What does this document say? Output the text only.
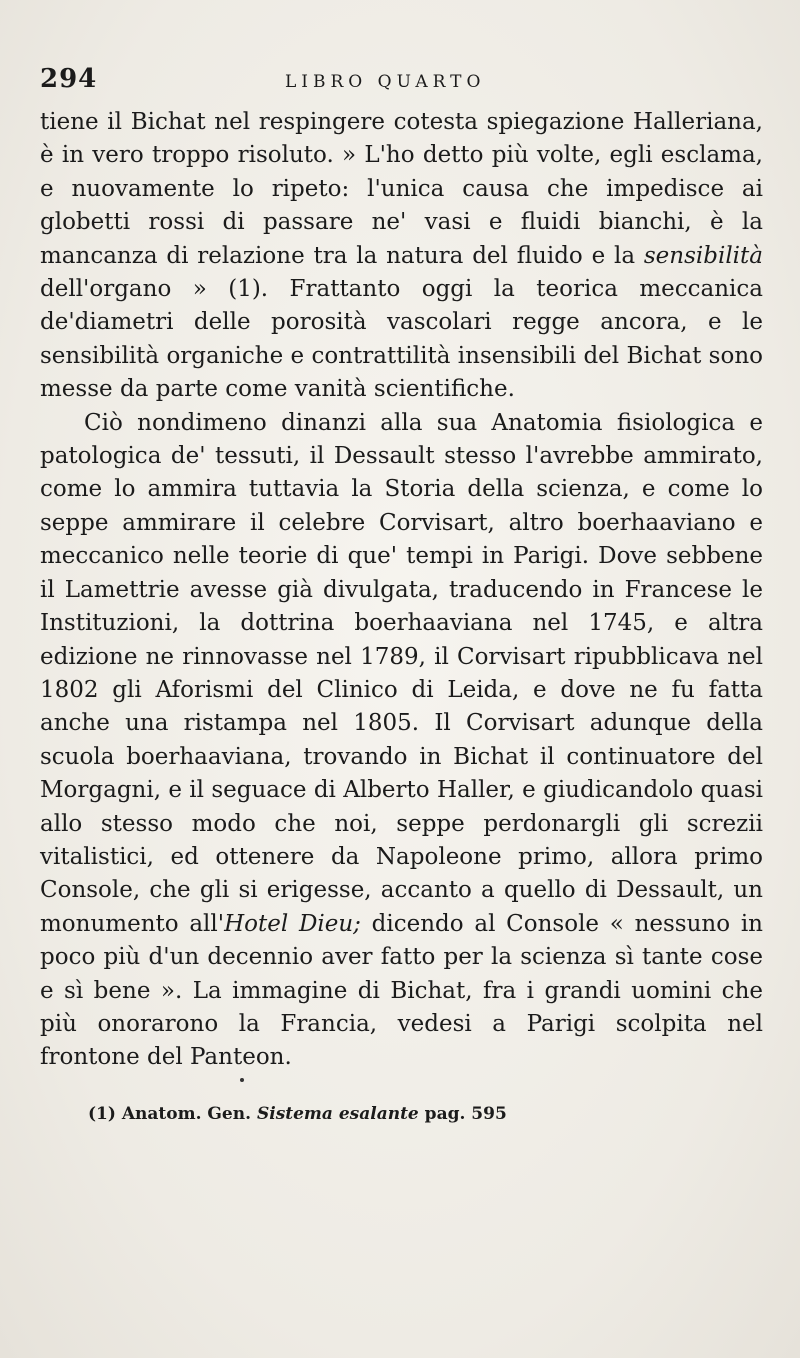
294	LIBRO QUARTO

tiene il Bichat nel respingere cotesta spiegazione Halleriana, è in vero troppo risoluto. » L'ho detto più volte, egli esclama, e nuovamente lo ripeto: l'unica causa che impedisce ai globetti rossi di passare ne' vasi e fluidi bianchi, è la mancanza di relazione tra la natura del fluido e la sensibilità dell'organo » (1). Frattanto oggi la teorica meccanica de'diametri delle porosità vascolari regge ancora, e le sensibilità organiche e contrattilità insensibili del Bichat sono messe da parte come vanità scientifiche.

Ciò nondimeno dinanzi alla sua Anatomia fisiologica e patologica de' tessuti, il Dessault stesso l'avrebbe ammirato, come lo ammira tuttavia la Storia della scienza, e come lo seppe ammirare il celebre Corvisart, altro boerhaaviano e meccanico nelle teorie di que' tempi in Parigi. Dove sebbene il Lamettrie avesse già divulgata, traducendo in Francese le Instituzioni, la dottrina boerhaaviana nel 1745, e altra edizione ne rinnovasse nel 1789, il Corvisart ripubblicava nel 1802 gli Aforismi del Clinico di Leida, e dove ne fu fatta anche una ristampa nel 1805. Il Corvisart adunque della scuola boerhaaviana, trovando in Bichat il continuatore del Morgagni, e il seguace di Alberto Haller, e giudicandolo quasi allo stesso modo che noi, seppe perdonargli gli screzii vitalistici, ed ottenere da Napoleone primo, allora primo Console, che gli si erigesse, accanto a quello di Dessault, un monumento all'Hotel Dieu; dicendo al Console « nessuno in poco più d'un decennio aver fatto per la scienza sì tante cose e sì bene ». La immagine di Bichat, fra i grandi uomini che più onorarono la Francia, vedesi a Parigi scolpita nel frontone del Panteon.

(1) Anatom. Gen. Sistema esalante pag. 595
